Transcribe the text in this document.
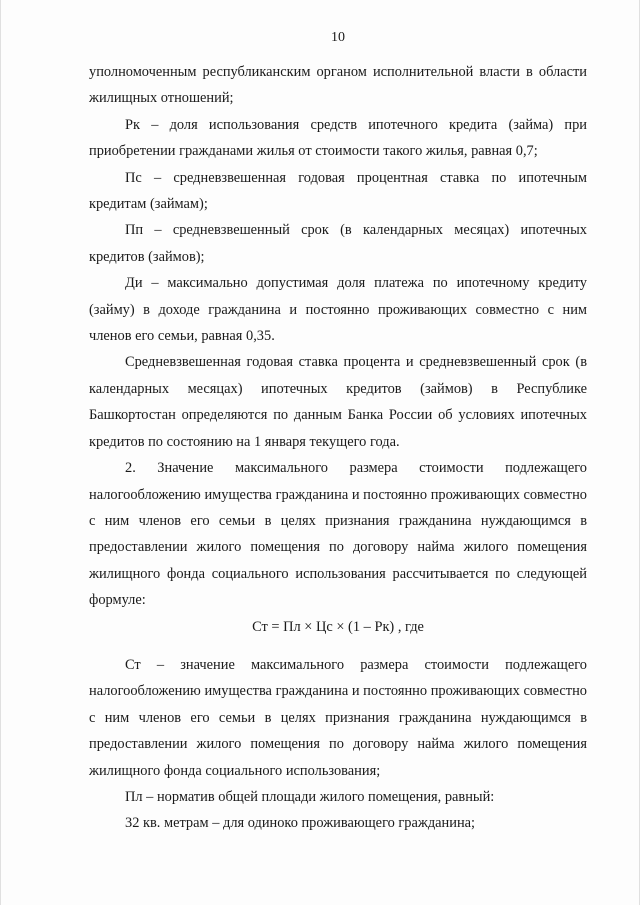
10

уполномоченным республиканским органом исполнительной власти в области жилищных отношений;

Рк – доля использования средств ипотечного кредита (займа) при приобретении гражданами жилья от стоимости такого жилья, равная 0,7;

Пс – средневзвешенная годовая процентная ставка по ипотечным кредитам (займам);

Пп – средневзвешенный срок (в календарных месяцах) ипотечных кредитов (займов);

Ди – максимально допустимая доля платежа по ипотечному кредиту (займу) в доходе гражданина и постоянно проживающих совместно с ним членов его семьи, равная 0,35.

Средневзвешенная годовая ставка процента и средневзвешенный срок (в календарных месяцах) ипотечных кредитов (займов) в Республике Башкортостан определяются по данным Банка России об условиях ипотечных кредитов по состоянию на 1 января текущего года.

2. Значение максимального размера стоимости подлежащего налогообложению имущества гражданина и постоянно проживающих совместно с ним членов его семьи в целях признания гражданина нуждающимся в предоставлении жилого помещения по договору найма жилого помещения жилищного фонда социального использования рассчитывается по следующей формуле:

Ст = Пл × Цс × (1 – Рк) , где

Ст – значение максимального размера стоимости подлежащего налогообложению имущества гражданина и постоянно проживающих совместно с ним членов его семьи в целях признания гражданина нуждающимся в предоставлении жилого помещения по договору найма жилого помещения жилищного фонда социального использования;

Пл – норматив общей площади жилого помещения, равный:

32 кв. метрам – для одиноко проживающего гражданина;
